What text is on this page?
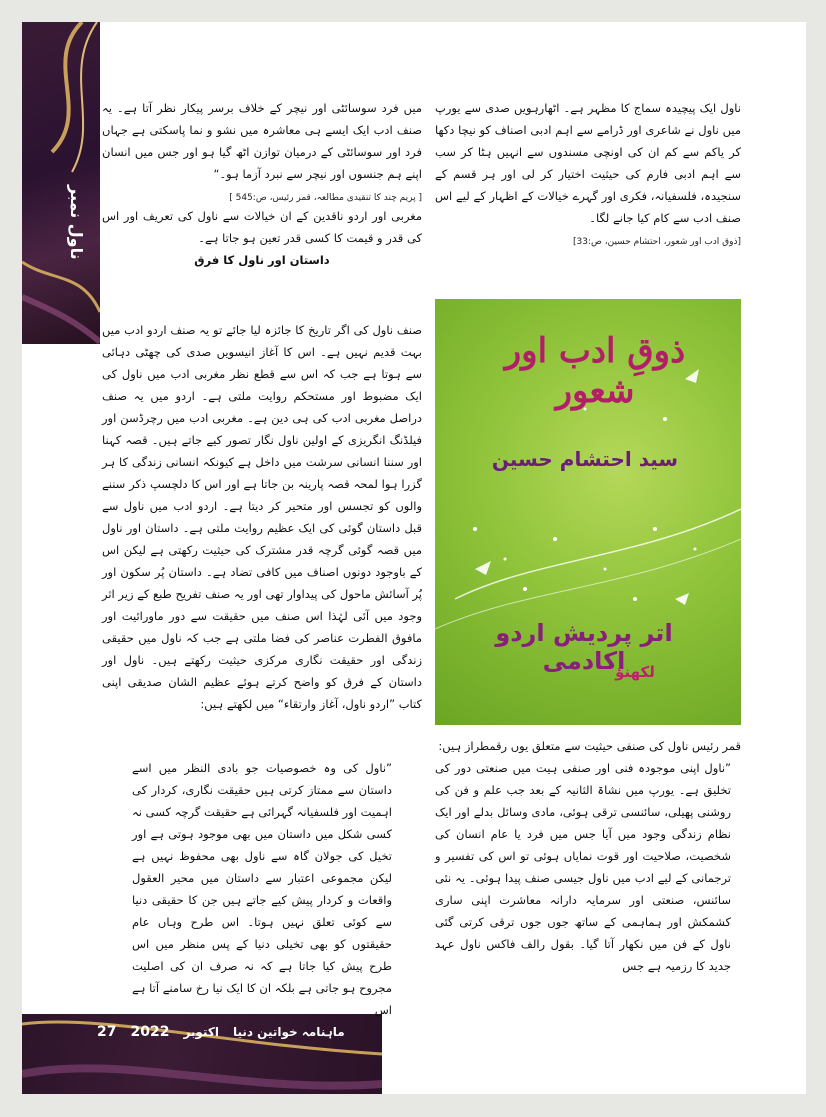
ناول نمبر
27 2022 اکتوبر ماہنامہ خواتین دنیا

ناول ایک پیچیدہ سماج کا مظہر ہے۔ اٹھارہویں صدی سے یورپ میں ناول نے شاعری اور ڈرامے سے اہم ادبی اصناف کو نیچا دکھا کر یاکم سے کم ان کی اونچی مسندوں سے انہیں ہٹا کر سب سے اہم ادبی فارم کی حیثیت اختیار کر لی اور ہر قسم کے سنجیدہ، فلسفیانہ، فکری اور گہرے خیالات کے اظہار کے لیے اس صنف ادب سے کام کیا جانے لگا۔

[ذوق ادب اور شعور، احتشام حسین، ص:33]

میں فرد سوسائٹی اور نیچر کے خلاف برسر پیکار نظر آتا ہے۔ یہ صنف ادب ایک ایسے ہی معاشرہ میں نشو و نما پاسکتی ہے جہاں فرد اور سوسائٹی کے درمیان توازن اٹھ گیا ہو اور جس میں انسان اپنے ہم جنسوں اور نیچر سے نبرد آزما ہو۔“

[ پریم چند کا تنقیدی مطالعہ، قمر رئیس، ص:545 ]

مغربی اور اردو ناقدین کے ان خیالات سے ناول کی تعریف اور اس کی قدر و قیمت کا کسی قدر تعین ہو جاتا ہے۔

داستان اور ناول کا فرق

صنف ناول کی اگر تاریخ کا جائزہ لیا جائے تو یہ صنف اردو ادب میں بہت قدیم نہیں ہے۔ اس کا آغاز انیسویں صدی کی چھٹی دہائی سے ہوتا ہے جب کہ اس سے قطع نظر مغربی ادب میں ناول کی ایک مضبوط اور مستحکم روایت ملتی ہے۔ اردو میں یہ صنف دراصل مغربی ادب کی ہی دین ہے۔ مغربی ادب میں رچرڈسن اور فیلڈنگ انگریزی کے اولین ناول نگار تصور کیے جاتے ہیں۔ قصہ کہنا اور سننا انسانی سرشت میں داخل ہے کیونکہ انسانی زندگی کا ہر گزرا ہوا لمحہ قصہ پارینہ بن جاتا ہے اور اس کا دلچسپ ذکر سننے والوں کو تجسس اور متحیر کر دیتا ہے۔ اردو ادب میں ناول سے قبل داستان گوئی کی ایک عظیم روایت ملتی ہے۔ داستان اور ناول میں قصہ گوئی گرچہ قدر مشترک کی حیثیت رکھتی ہے لیکن اس کے باوجود دونوں اصناف میں کافی تضاد ہے۔ داستان پُر سکون اور پُر آسائش ماحول کی پیداوار تھی اور یہ صنف تفریح طبع کے زیر اثر وجود میں آئی لہٰذا اس صنف میں حقیقت سے دور ماورائیت اور مافوق الفطرت عناصر کی فضا ملتی ہے جب کہ ناول میں حقیقی زندگی اور حقیقت نگاری مرکزی حیثیت رکھتے ہیں۔ ناول اور داستان کے فرق کو واضح کرتے ہوئے عظیم الشان صدیقی اپنی کتاب ”اردو ناول، آغاز وارتقاء“ میں لکھتے ہیں:

”ناول کی وہ خصوصیات جو بادی النظر میں اسے داستان سے ممتاز کرتی ہیں حقیقت نگاری، کردار کی اہمیت اور فلسفیانہ گہرائی ہے حقیقت گرچہ کسی نہ کسی شکل میں داستان میں بھی موجود ہوتی ہے اور تخیل کی جولان گاہ سے ناول بھی محفوظ نہیں ہے لیکن مجموعی اعتبار سے داستان میں محیر العقول واقعات و کردار پیش کیے جاتے ہیں جن کا حقیقی دنیا سے کوئی تعلق نہیں ہوتا۔ اس طرح وہاں عام حقیقتوں کو بھی تخیلی دنیا کے پس منظر میں اس طرح پیش کیا جاتا ہے کہ نہ صرف ان کی اصلیت مجروح ہو جاتی ہے بلکہ ان کا ایک نیا رخ سامنے آتا ہے اس

ذوقِ ادب اور شعور
سید احتشام حسین
اتر پردیش اردو اکادمی
لکھنؤ

قمر رئیس ناول کی صنفی حیثیت سے متعلق یوں رقمطراز ہیں:

”ناول اپنی موجودہ فنی اور صنفی ہیت میں صنعتی دور کی تخلیق ہے۔ یورپ میں نشاۃ الثانیہ کے بعد جب علم و فن کی روشنی پھیلی، سائنسی ترقی ہوئی، مادی وسائل بدلے اور ایک نظام زندگی وجود میں آیا جس میں فرد یا عام انسان کی شخصیت، صلاحیت اور قوت نمایاں ہوئی تو اس کی تفسیر و ترجمانی کے لیے ادب میں ناول جیسی صنف پیدا ہوئی۔ یہ نئی سائنس، صنعتی اور سرمایہ دارانہ معاشرت اپنی ساری کشمکش اور ہماہمی کے ساتھ جوں جوں ترقی کرتی گئی ناول کے فن میں نکھار آتا گیا۔ بقول رالف فاکس ناول عہد جدید کا رزمیہ ہے جس
